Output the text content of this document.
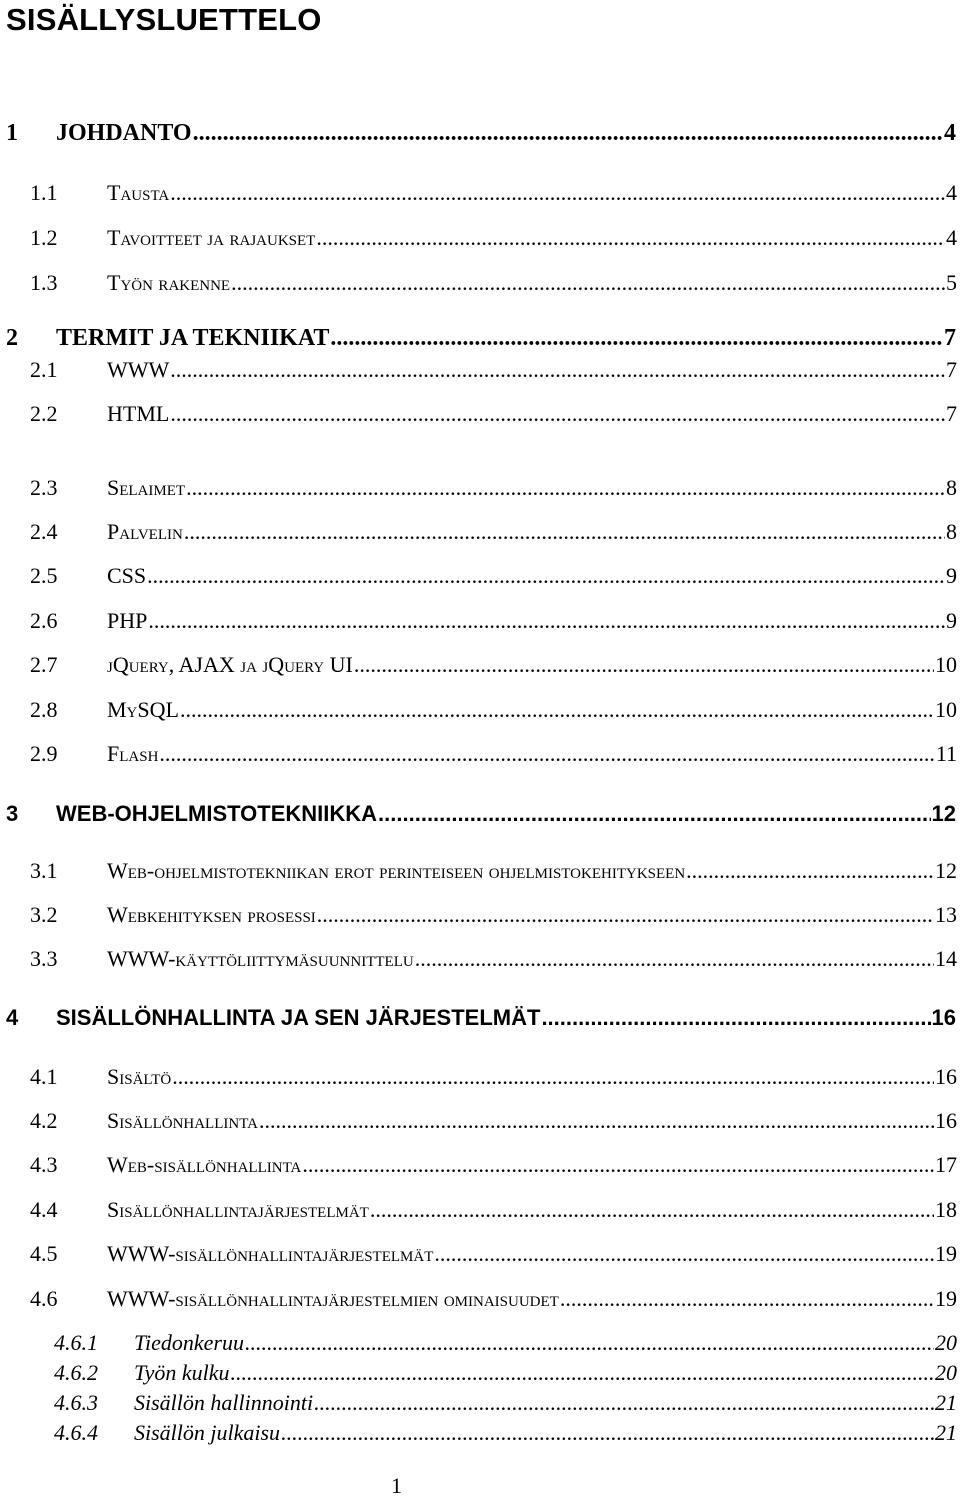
SISÄLLYSLUETTELO
1	JOHDANTO .....	4
1.1	Tausta .....	4
1.2	Tavoitteet ja rajaukset .....	4
1.3	Työn rakenne .....	5
2	TERMIT JA TEKNIIKAT .....	7
2.1	WWW .....	7
2.2	HTML .....	7
2.3	Selaimet .....	8
2.4	Palvelin .....	8
2.5	CSS .....	9
2.6	PHP .....	9
2.7	jQuery, AJAX ja jQuery UI .....	10
2.8	MySQL .....	10
2.9	Flash .....	11
3	WEB-OHJELMISTOTEKNIIKKA .....	12
3.1	Web-ohjelmistotekniikan erot perinteiseen ohjelmistokehitykseen .....	12
3.2	Webkehityksen prosessi .....	13
3.3	WWW-käyttöliittymäsuunnittelu .....	14
4	SISÄLLÖNHALLINTA JA SEN JÄRJESTELMÄT .....	16
4.1	Sisältö .....	16
4.2	Sisällönhallinta .....	16
4.3	Web-sisällönhallinta .....	17
4.4	Sisällönhallintajärjestelmät .....	18
4.5	WWW-sisällönhallintajärjestelmät .....	19
4.6	WWW-sisällönhallintajärjestelmien ominaisuudet .....	19
4.6.1	Tiedonkeruu .....	20
4.6.2	Työn kulku .....	20
4.6.3	Sisällön hallinnointi .....	21
4.6.4	Sisällön julkaisu .....	21
1
